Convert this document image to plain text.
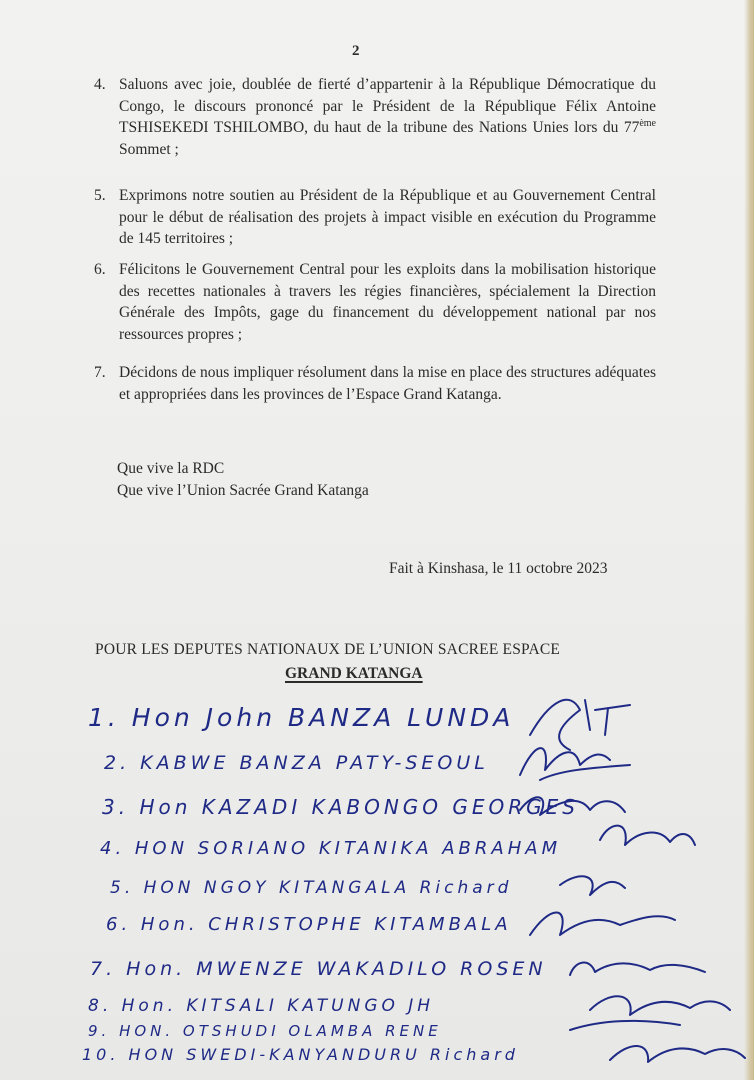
2
4. Saluons avec joie, doublée de fierté d’appartenir à la République Démocratique du Congo, le discours prononcé par le Président de la République Félix Antoine TSHISEKEDI TSHILOMBO, du haut de la tribune des Nations Unies lors du 77ème Sommet ;
5. Exprimons notre soutien au Président de la République et au Gouvernement Central pour le début de réalisation des projets à impact visible en exécution du Programme de 145 territoires ;
6. Félicitons le Gouvernement Central pour les exploits dans la mobilisation historique des recettes nationales à travers les régies financières, spécialement la Direction Générale des Impôts, gage du financement du développement national par nos ressources propres ;
7. Décidons de nous impliquer résolument dans la mise en place des structures adéquates et appropriées dans les provinces de l’Espace Grand Katanga.
Que vive la RDC
Que vive l’Union Sacrée Grand Katanga
Fait à Kinshasa, le 11 octobre 2023
POUR LES DEPUTES NATIONAUX DE L’UNION SACREE ESPACE
GRAND KATANGA
1. Hon John BANZA LUNDA
2. KABWE BANZA PATY-SEOUL
3. Hon KAZADI KABONGO GEORGES
4. HON SORIANO KITANIKA ABRAHAM
5. HON NGOY KITANGALA Richard
6. Hon. CHRISTOPHE KITAMBALA
7. Hon. MWENZE WAKADILO ROSEN
8. Hon. KITSALI KATUNGO JH
9. HON. OTSHUDI OLAMBA RENE
10. HON SWEDI-KANYANDURU Richard
